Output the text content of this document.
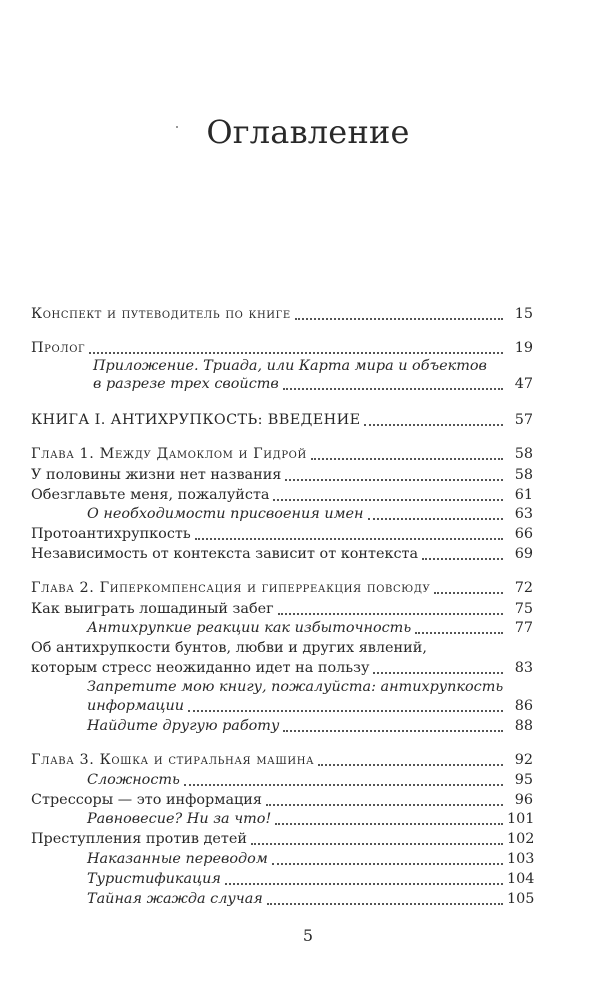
Оглавление
Конспект и путеводитель по книге	15
Пролог	19
Приложение. Триада, или Карта мира и объектов
в разрезе трех свойств	47
КНИГА I. АНТИХРУПКОСТЬ: ВВЕДЕНИЕ	57
Глава 1. Между Дамоклом и Гидрой	58
У половины жизни нет названия	58
Обезглавьте меня, пожалуйста	61
О необходимости присвоения имен	63
Протоантихрупкость	66
Независимость от контекста зависит от контекста	69
Глава 2. Гиперкомпенсация и гиперреакция повсюду	72
Как выиграть лошадиный забег	75
Антихрупкие реакции как избыточность	77
Об антихрупкости бунтов, любви и других явлений,
которым стресс неожиданно идет на пользу	83
Запретите мою книгу, пожалуйста: антихрупкость
информации	86
Найдите другую работу	88
Глава 3. Кошка и стиральная машина	92
Сложность	95
Стрессоры — это информация	96
Равновесие? Ни за что!	101
Преступления против детей	102
Наказанные переводом	103
Туристификация	104
Тайная жажда случая	105
5
